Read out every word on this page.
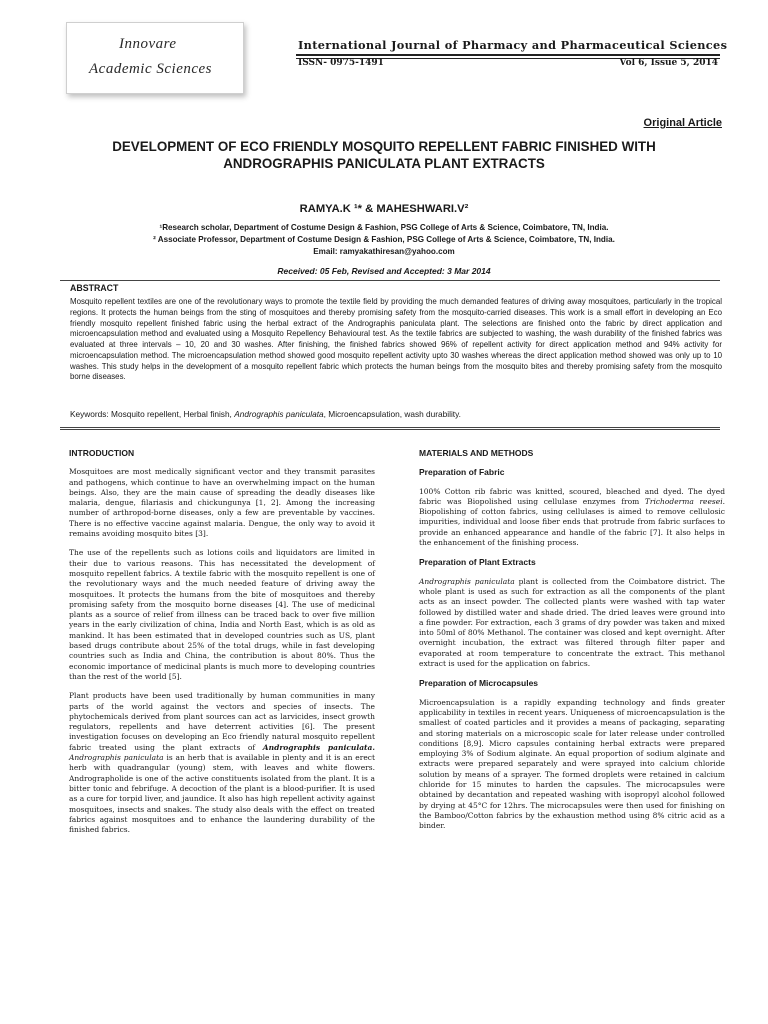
Innovare
Academic Sciences
International Journal of Pharmacy and Pharmaceutical Sciences
ISSN- 0975-1491	Vol 6, Issue 5, 2014
Original Article
DEVELOPMENT OF ECO FRIENDLY MOSQUITO REPELLENT FABRIC FINISHED WITH
ANDROGRAPHIS PANICULATA PLANT EXTRACTS
RAMYA.K ¹* & MAHESHWARI.V²
¹Research scholar, Department of Costume Design & Fashion, PSG College of Arts & Science, Coimbatore, TN, India.
² Associate Professor, Department of Costume Design & Fashion, PSG College of Arts & Science, Coimbatore, TN, India.
Email: ramyakathiresan@yahoo.com
Received: 05 Feb, Revised and Accepted: 3 Mar 2014
ABSTRACT
Mosquito repellent textiles are one of the revolutionary ways to promote the textile field by providing the much demanded features of driving away mosquitoes, particularly in the tropical regions. It protects the human beings from the sting of mosquitoes and thereby promising safety from the mosquito-carried diseases. This work is a small effort in developing an Eco friendly mosquito repellent finished fabric using the herbal extract of the Andrographis paniculata plant. The selections are finished onto the fabric by direct application and microencapsulation method and evaluated using a Mosquito Repellency Behavioural test. As the textile fabrics are subjected to washing, the wash durability of the finished fabrics was evaluated at three intervals – 10, 20 and 30 washes. After finishing, the finished fabrics showed 96% of repellent activity for direct application method and 94% activity for microencapsulation method. The microencapsulation method showed good mosquito repellent activity upto 30 washes whereas the direct application method showed was only up to 10 washes. This study helps in the development of a mosquito repellent fabric which protects the human beings from the mosquito bites and thereby promising safety from the mosquito borne diseases.
Keywords: Mosquito repellent, Herbal finish, Andrographis paniculata, Microencapsulation, wash durability.
INTRODUCTION

Mosquitoes are most medically significant vector and they transmit parasites and pathogens, which continue to have an overwhelming impact on the human beings. Also, they are the main cause of spreading the deadly diseases like malaria, dengue, filariasis and chickungunya [1, 2]. Among the increasing number of arthropod-borne diseases, only a few are preventable by vaccines. There is no effective vaccine against malaria. Dengue, the only way to avoid it remains avoiding mosquito bites [3].

The use of the repellents such as lotions coils and liquidators are limited in their due to various reasons. This has necessitated the development of mosquito repellent fabrics. A textile fabric with the mosquito repellent is one of the revolutionary ways and the much needed feature of driving away the mosquitoes. It protects the humans from the bite of mosquitoes and thereby promising safety from the mosquito borne diseases [4]. The use of medicinal plants as a source of relief from illness can be traced back to over five million years in the early civilization of china, India and North East, which is as old as mankind. It has been estimated that in developed countries such as US, plant based drugs contribute about 25% of the total drugs, while in fast developing countries such as India and China, the contribution is about 80%. Thus the economic importance of medicinal plants is much more to developing countries than the rest of the world [5].

Plant products have been used traditionally by human communities in many parts of the world against the vectors and species of insects. The phytochemicals derived from plant sources can act as larvicides, insect growth regulators, repellents and have deterrent activities [6]. The present investigation focuses on developing an Eco friendly natural mosquito repellent fabric treated using the plant extracts of Andrographis paniculata. Andrographis paniculata is an herb that is available in plenty and it is an erect herb with quadrangular (young) stem, with leaves and white flowers. Andrographolide is one of the active constituents isolated from the plant. It is a bitter tonic and febrifuge. A decoction of the plant is a blood-purifier. It is used as a cure for torpid liver, and jaundice. It also has high repellent activity against mosquitoes, insects and snakes. The study also deals with the effect on treated fabrics against mosquitoes and to enhance the laundering durability of the finished fabrics.

MATERIALS AND METHODS
Preparation of Fabric

100% Cotton rib fabric was knitted, scoured, bleached and dyed. The dyed fabric was Biopolished using cellulase enzymes from Trichoderma reesei. Biopolishing of cotton fabrics, using cellulases is aimed to remove cellulosic impurities, individual and loose fiber ends that protrude from fabric surfaces to provide an enhanced appearance and handle of the fabric [7]. It also helps in the enhancement of the finishing process.

Preparation of Plant Extracts

Andrographis paniculata plant is collected from the Coimbatore district. The whole plant is used as such for extraction as all the components of the plant acts as an insect powder. The collected plants were washed with tap water followed by distilled water and shade dried. The dried leaves were ground into a fine powder. For extraction, each 3 grams of dry powder was taken and mixed into 50ml of 80% Methanol. The container was closed and kept overnight. After overnight incubation, the extract was filtered through filter paper and evaporated at room temperature to concentrate the extract. This methanol extract is used for the application on fabrics.

Preparation of Microcapsules

Microencapsulation is a rapidly expanding technology and finds greater applicability in textiles in recent years. Uniqueness of microencapsulation is the smallest of coated particles and it provides a means of packaging, separating and storing materials on a microscopic scale for later release under controlled conditions [8,9]. Micro capsules containing herbal extracts were prepared employing 3% of Sodium alginate. An equal proportion of sodium alginate and extracts were prepared separately and were sprayed into calcium chloride solution by means of a sprayer. The formed droplets were retained in calcium chloride for 15 minutes to harden the capsules. The microcapsules were obtained by decantation and repeated washing with isopropyl alcohol followed by drying at 45°C for 12hrs. The microcapsules were then used for finishing on the Bamboo/Cotton fabrics by the exhaustion method using 8% citric acid as a binder.
